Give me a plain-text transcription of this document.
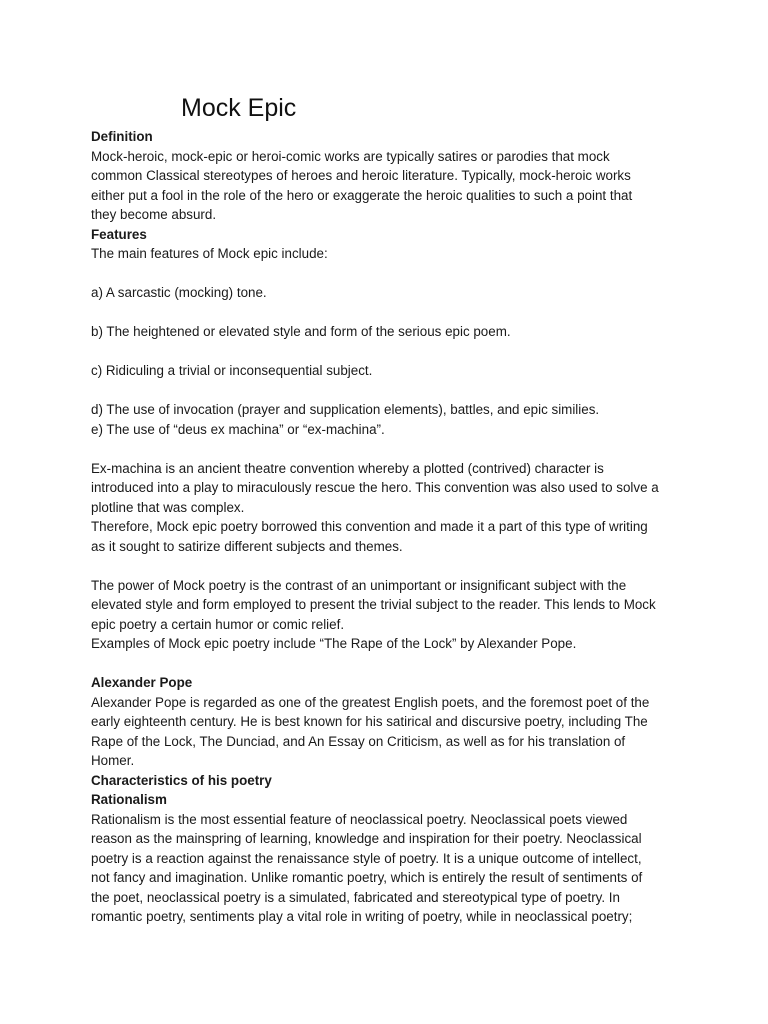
Mock Epic
Definition
Mock-heroic, mock-epic or heroi-comic works are typically satires or parodies that mock
common Classical stereotypes of heroes and heroic literature. Typically, mock-heroic works
either put a fool in the role of the hero or exaggerate the heroic qualities to such a point that
they become absurd.
Features
The main features of Mock epic include:
a) A sarcastic (mocking) tone.
b) The heightened or elevated style and form of the serious epic poem.
c) Ridiculing a trivial or inconsequential subject.
d) The use of invocation (prayer and supplication elements), battles, and epic similies.
e) The use of “deus ex machina” or “ex-machina”.
Ex-machina is an ancient theatre convention whereby a plotted (contrived) character is
introduced into a play to miraculously rescue the hero. This convention was also used to solve a
plotline that was complex.
Therefore, Mock epic poetry borrowed this convention and made it a part of this type of writing
as it sought to satirize different subjects and themes.
The power of Mock poetry is the contrast of an unimportant or insignificant subject with the
elevated style and form employed to present the trivial subject to the reader. This lends to Mock
epic poetry a certain humor or comic relief.
Examples of Mock epic poetry include “The Rape of the Lock” by Alexander Pope.
Alexander Pope
Alexander Pope is regarded as one of the greatest English poets, and the foremost poet of the
early eighteenth century. He is best known for his satirical and discursive poetry, including The
Rape of the Lock, The Dunciad, and An Essay on Criticism, as well as for his translation of
Homer.
Characteristics of his poetry
Rationalism
Rationalism is the most essential feature of neoclassical poetry. Neoclassical poets viewed
reason as the mainspring of learning, knowledge and inspiration for their poetry. Neoclassical
poetry is a reaction against the renaissance style of poetry. It is a unique outcome of intellect,
not fancy and imagination. Unlike romantic poetry, which is entirely the result of sentiments of
the poet, neoclassical poetry is a simulated, fabricated and stereotypical type of poetry. In
romantic poetry, sentiments play a vital role in writing of poetry, while in neoclassical poetry;
